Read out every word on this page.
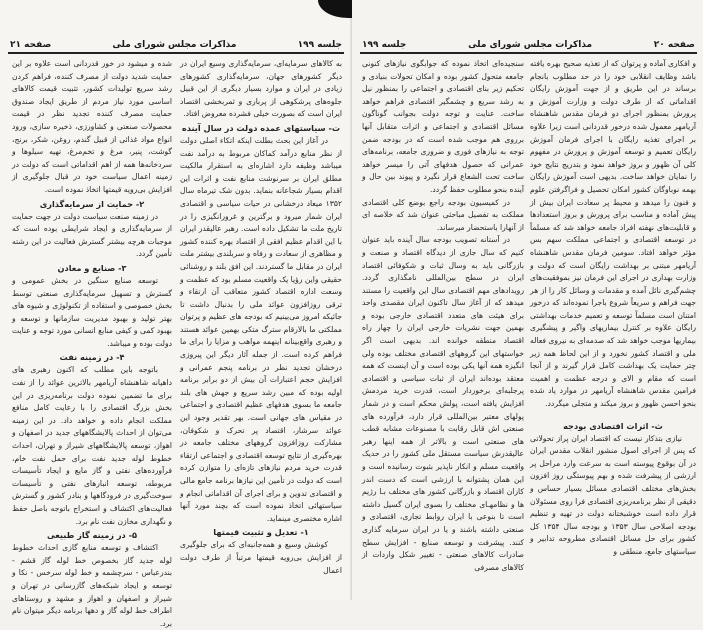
جلسه ۱۹۹
مذاکرات مجلس شورای ملی
صفحه ۲۱

به کالاهای سرمایه‌ای، سرمایه‌گذاری وسیع ایران در دیگر کشورهای جهان، سرمایه‌گذاری کشورهای زیادی در ایران و موارد بسیار دیگری از این قبیل جلوه‌های پرشکوهی از پرباری و ثمربخشی اقتصاد ایران است که بصورت خیلی فشرده معروض افتاد.

ت- سیاستهای عمده دولت در سال آینده

در آغاز این بحث بطلت اینکه اتکاء اصلی دولت از نظر منابع درآمد کماکان مربوط به درآمد نفت میباشد وظیفه دارد اشاره‌ای به استقرار مالکیت مطلق ایران بر سرنوشت منابع نفت و اثرات این اقدام بسیار شجاعانه بنماید. بدون شک تیرماه سال ۱۳۵۲ میعاد درخشانی در حیات سیاسی و اقتصادی ایران شمار میرود و برگترین و غرورانگیزی را در تاریخ ملت ما تشکیل داده است. رهبر عالیقدر ایران با این اقدام عظیم افقی از اقتصاد بهره کننده کشور و مظاهری از سعادت و رفاه و سربلندی بیشتر ملت ایران در مقابل ما گستردند. این افق بلند و روشنائی حقیقی واین رؤیا یک واقعیت مسلم بود که عظمت و وسعت اداره اقتصاد کشور متعاقب آن ارتقاء و ترقی روزافزون عوائد ملی را بدنبال داشت تا جائیکه امروز می‌بینیم که بودجه های عظیم و پرتوان مملکتی ما بالارقام سترگ متکی بهمین عوائد هستند و رهبری واقع‌بینانه اینهمه مواهب و مزایا را برای ما فراهم کرده است. از جمله آثار دیگر این پیروزی درخشان تجدید نظر در برنامه پنجم عمرانی و افزایش حجم اعتبارات آن بیش از دو برابر برنامه اولیه بوده که مبین رشد سریع و جهش های بلند جامعه ما بسوی هدفهای عظیم اقتصادی و اجتماعی در مقیاس های جهانی است. بهر تقدیر وجود این عوائد سرشار، اقتصاد پر تحرک و شکوفان، مشارکت روزافزون گروههای مختلف جامعه در بهره‌گیری از نتایج توسعه اقتصادی و اجتماعی ارتقاء قدرت خرید مردم نیازهای تازه‌ای را متوازن کرده است که دولت در تأمین این نیازها برنامه جامع مالی و اقتصادی تدوین و برای اجرای آن اقداماتی انجام و سیاستهائی اتخاذ نموده است که بچند مورد آنها اشاره مختصری مینماید.

۱- تعدیل و تثبیت قیمتها

کوشش وسیع و همه‌جانبه‌ای که برای جلوگیری از افزایش بی‌رویه قیمتها مرتباً از طرف دولت اعمال

شده و میشود در خور قدردانی است علاوه بر این حمایت شدید دولت از مصرف کننده، فراهم کردن رشد سریع تولیدات کشور، تثبیت قیمت کالاهای اساسی مورد نیاز مردم از طریق ایجاد صندوق حمایت مصرف کننده تجدید نظر در قیمت محصولات صنعتی و کشاورزی، ذخیره سازی، ورود انواع مواد غذائی از قبیل گندم، روغن، شکر، برنج، گوشت، پنیر، مرغ و تخم‌مرغ، تهیه سیلوها و سردخانه‌ها همه از اهم اقداماتی است که دولت در زمینه اعمال سیاست خود در قبال جلوگیری از افزایش بی‌رویه قیمتها اتخاذ نموده است.

۲- حمایت از سرمایه‌گذاری

در زمینه صنعت سیاست دولت در جهت حمایت از سرمایه‌گذاری و ایجاد شرایطی بوده است که موجبات هرچه بیشتر گسترش فعالیت در این رشته تأمین گردد.

۳- صنایع و معادن

توسعه صنایع سنگین در بخش عمومی و گسترش و تسهیل سرمایه‌گذاری صنعتی توسط بخش خصوصی و استفاده از تکنولوژی و شیوه های بهتر تولید و بهبود مدیریت سازمانها و توسعه و بهبود کمی و کیفی منابع انسانی مورد توجه و عنایت دولت بوده و میباشد.

۴- در زمینه نفت

باتوجه باین مطلب که اکنون رهبری های داهیانه شاهنشاه آریامهر بالاترین عوائد را از نفت برای ما تضمین نموده دولت برنامه‌ریزی در این بخش بزرگ اقتصادی را با رعایت کامل منافع مملکت انجام داده و خواهد داد. در این زمینه می‌توان از احداث پالایشگاههای جدید در اصفهان و اهواز، توسعه پالایشگاههای شیراز و تهران، احداث خطوط لوله جدید نفت برای حمل نفت خام، فرآورده‌های نفتی و گاز مایع و ایجاد تأسیسات مربوطه، توسعه انبارهای نفتی و تأسیسات سوخت‌گیری در فرودگاهها و بنادر کشور و گسترش فعالیت‌های اکتشاف و استخراج باتوجه باصل حفظ و نگهداری مخازن نفت نام برد.

۵- در زمینه گاز طبیعی

اکتشاف و توسعه منابع گازی احداث خطوط لوله جدید گاز بخصوص خط لوله گاز قشم - بندرعباس - سرچشمه و خط لوله سرخس - نکا و توسعه و ایجاد شبکه‌های گازرسانی در تهران و شیراز و اصفهان و اهواز و مشهد و روستاهای اطراف خط لوله گاز و دهها برنامه دیگر میتوان نام برد.

صفحه ۲۰
مذاکرات مجلس شورای ملی
جلسه ۱۹۹

و افکاری آماده و پرتوان که از تغذیه صحیح بهره یافته باشد وظایف انقلابی خود را در حد مطلوب بانجام برساند در این طریق و از جهت آموزش رایگان اقداماتی که از طرف دولت و وزارت آموزش و پرورش بمنظور اجرای دو فرمان مقدس شاهنشاه آریامهر معمول شده درخور قدردانی است زیرا علاوه بر اجرای تغذیه رایگان با اجرای فرمان آموزش رایگان تعمیم و توسعه آموزش و پرورش در مفهوم کلی آن ظهور و بروز خواهد نمود و بتدریج نتایج خود را نمایان خواهد ساخت. بدیهی است آموزش رایگان بهمه نوباوگان کشور امکان تحصیل و فراگرفتن علوم و فنون را میدهد و محیط پر سعادت ایران بیش از پیش آماده و مناسب برای پرورش و بروز استعدادها و قابلیت‌های نهفته افراد جامعه خواهد شد که مسلماً در توسعه اقتصادی و اجتماعی مملکت سهم بس مؤثر خواهد افتاد. سومین فرمان مقدس شاهنشاه آریامهر مبتنی بر بهداشت رایگان است که دولت و وزارت بهداری در اجرای این فرمان نیز بموفقیت‌های چشم‌گیری نائل آمده و مقدمات و وسائل کار را از هر جهت فراهم و سریعاً شروع باجرا نموده‌اند که درخور امتنان است مسلماً توسعه و تعمیم خدمات بهداشتی رایگان علاوه بر کنترل بیماریهای واگیر و پیشگیری بیماریها موجب خواهد شد که صدمه‌ای به نیروی فعاله ملی و اقتصاد کشور نخورد و از این لحاظ همه زیر چتر حمایت یک بهداشت کامل قرار گیرند و از آنجا است که مقام و الای و درجه عظمت و اهمیت فرامین مقدس شاهنشاه آریامهر در موارد یاد شده بنحو احسن ظهور و بروز میکند و متجلی میگردد.

ث- اثرات اقتصادی بودجه

نیازی بتذکار نیست که اقتصاد ایران پراز تحولاتی که پس از اجرای اصول منشور انقلاب مقدس ایران در آن بوقوع پیوسته است به سرعت وارد مراحل پر ارزشی از پیشرفت شده و بهم پیوستگی روز افزون بخش‌های مختلف اقتصادی مسائل بسیار حساس و دقیقی از نظر برنامه‌ریزی اقتصادی فرا روی مسئولان قرار داده است خوشبختانه دولت در تهیه و تنظیم بودجه اصلاحی سال ۱۳۵۳ و بودجه سال ۱۳۵۴ کل کشور برای حل مسائل اقتصادی مطروحه تدابیر و سیاستهای جامع، منطقی و

سنجیده‌ای اتخاذ نموده که جوابگوی نیازهای کنونی جامعه متحول کشور بوده و امکان تحولات بنیادی و تحکیم زیر بنای اقتصادی و اجتماعی را بمنظور نیل به رشد سریع و چشمگیر اقتصادی فراهم خواهد ساخت. عنایت و توجه دولت بجوانب گوناگون مسائل اقتصادی و اجتماعی و اثرات متقابل آنها برروی هم موجب شده است که در بودجه ضمن توجه به نیازهای فوری و ضروری جامعه، برنامه‌های عمرانی که حصول هدفهای آتی را میسر خواهد ساخت تحت الشعاع قرار نگیرد و پیوند بین حال و آینده بنحو مطلوب حفظ گردد.

در کمیسیون بودجه راجع بوضع کلی اقتصادی مملکت به تفصیل مباحثی عنوان شد که خلاصه ای از آنهارا باستحضار میرساند.

در آستانه تصویب بودجه سال آینده باید عنوان کنیم که سال جاری از دیدگاه اقتصاد و صنعت و بازرگانی باید به وسال ثبات و شکوفائی اقتصاد ایران در سطح بین‌المللی نامگذاری گردد. رویدادهای مهم اقتصادی سال این واقعیت را مستند میدهد که از آغاز سال تاکنون ایران مقصدی واحد برای هیئت های متعدد اقتصادی خارجی بوده و بهمین جهت نشریات خارجی ایران را چهار راه اقتصاد منطقه خوانده اند. بدیهی است اگر خواستهای این گروههای اقتصادی مختلف بوده ولی انگیزه همه آنها یکی بوده است و آن اینست که همه معتقد بوده‌اند ایران از ثبات سیاسی و اقتصادی پرجلبه‌ای برخوردار است، قدرت خرید مردمش افزایش یافته است، پولش محکم است و در شمار پولهای معتبر بین‌المللی قرار دارد، فرآورده های صنعتی اش قابل رقابت با مصنوعات مشابه قطب های صنعتی است و بالاتر از همه اینها رهبر عالیقدرش سیاست مستقل ملی کشور را در حدیک واقعیت مسلم و انکار ناپذیر بثبوت رسانیده است و این همان پشتوانه با ارزشی است که دست اندر کاران اقتصاد و بازرگانی کشور های مختلف بـا رژیم ها و نظامهـای مختلف را بسوی ایران گسیل داشته است تا بنوعی با ایران روابط تجاری، اقتصادی و صنعتی داشته باشند و یا در ایران سرمایه گذاری کنند. پیشرفت و توسعه صنایع - افزایش سطح صادرات کالاهای صنعتی - تغییر شکل واردات از کالاهای مصرفی
